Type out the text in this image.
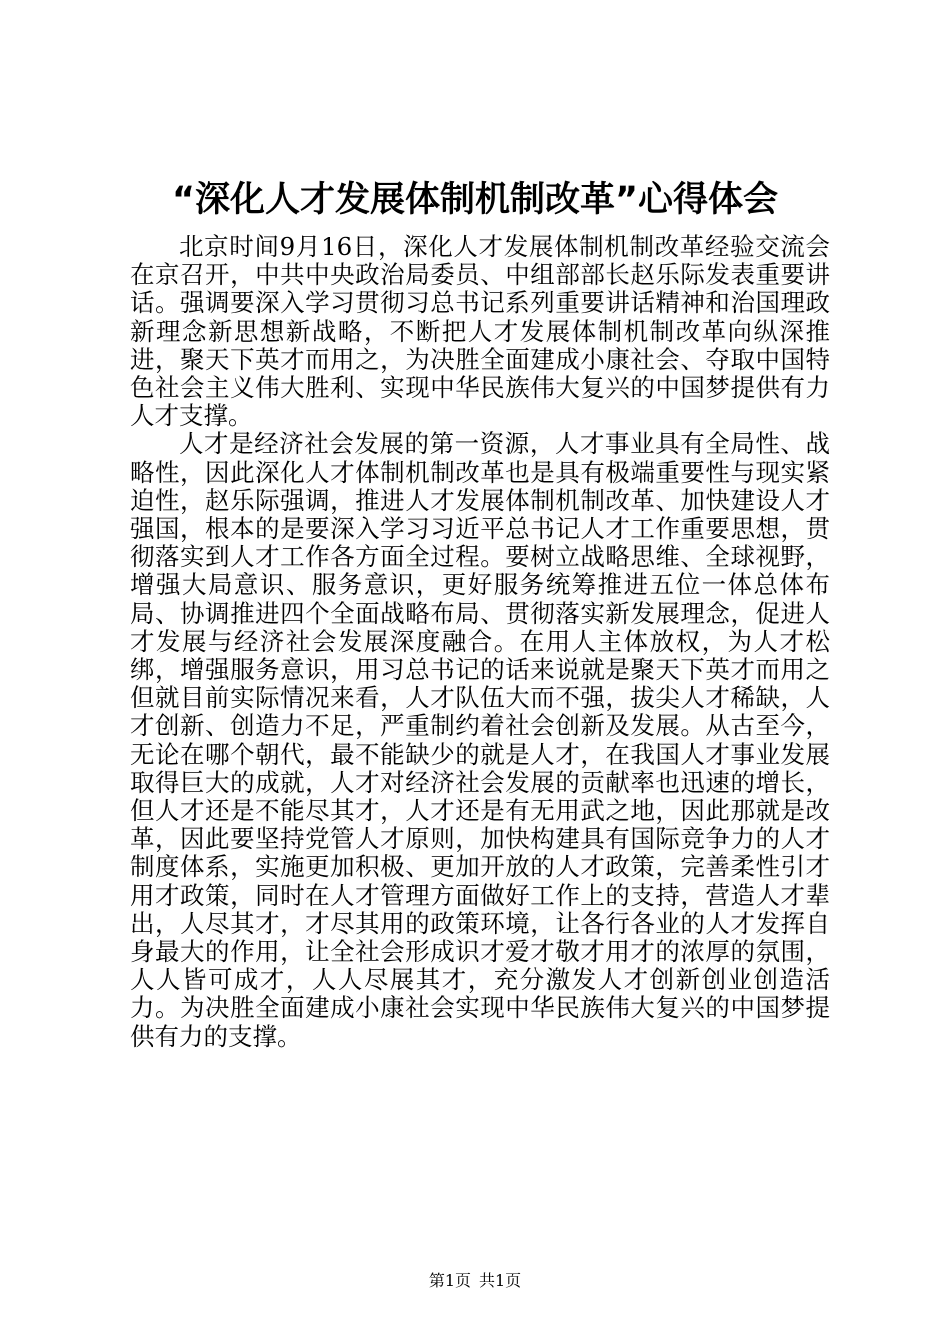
“深化人才发展体制机制改革”心得体会

北京时间9月16日，深化人才发展体制机制改革经验交流会在京召开，中共中央政治局委员、中组部部长赵乐际发表重要讲话。强调要深入学习贯彻习总书记系列重要讲话精神和治国理政新理念新思想新战略，不断把人才发展体制机制改革向纵深推进，聚天下英才而用之，为决胜全面建成小康社会、夺取中国特色社会主义伟大胜利、实现中华民族伟大复兴的中国梦提供有力人才支撑。

人才是经济社会发展的第一资源，人才事业具有全局性、战略性，因此深化人才体制机制改革也是具有极端重要性与现实紧迫性，赵乐际强调，推进人才发展体制机制改革、加快建设人才强国，根本的是要深入学习习近平总书记人才工作重要思想，贯彻落实到人才工作各方面全过程。要树立战略思维、全球视野，增强大局意识、服务意识，更好服务统筹推进五位一体总体布局、协调推进四个全面战略布局、贯彻落实新发展理念，促进人才发展与经济社会发展深度融合。在用人主体放权，为人才松绑，增强服务意识，用习总书记的话来说就是聚天下英才而用之但就目前实际情况来看，人才队伍大而不强，拔尖人才稀缺，人才创新、创造力不足，严重制约着社会创新及发展。从古至今，无论在哪个朝代，最不能缺少的就是人才，在我国人才事业发展取得巨大的成就，人才对经济社会发展的贡献率也迅速的增长，但人才还是不能尽其才，人才还是有无用武之地，因此那就是改革，因此要坚持党管人才原则，加快构建具有国际竞争力的人才制度体系，实施更加积极、更加开放的人才政策，完善柔性引才用才政策，同时在人才管理方面做好工作上的支持，营造人才辈出，人尽其才，才尽其用的政策环境，让各行各业的人才发挥自身最大的作用，让全社会形成识才爱才敬才用才的浓厚的氛围，人人皆可成才，人人尽展其才，充分激发人才创新创业创造活力。为决胜全面建成小康社会实现中华民族伟大复兴的中国梦提供有力的支撑。

第1页 共1页
